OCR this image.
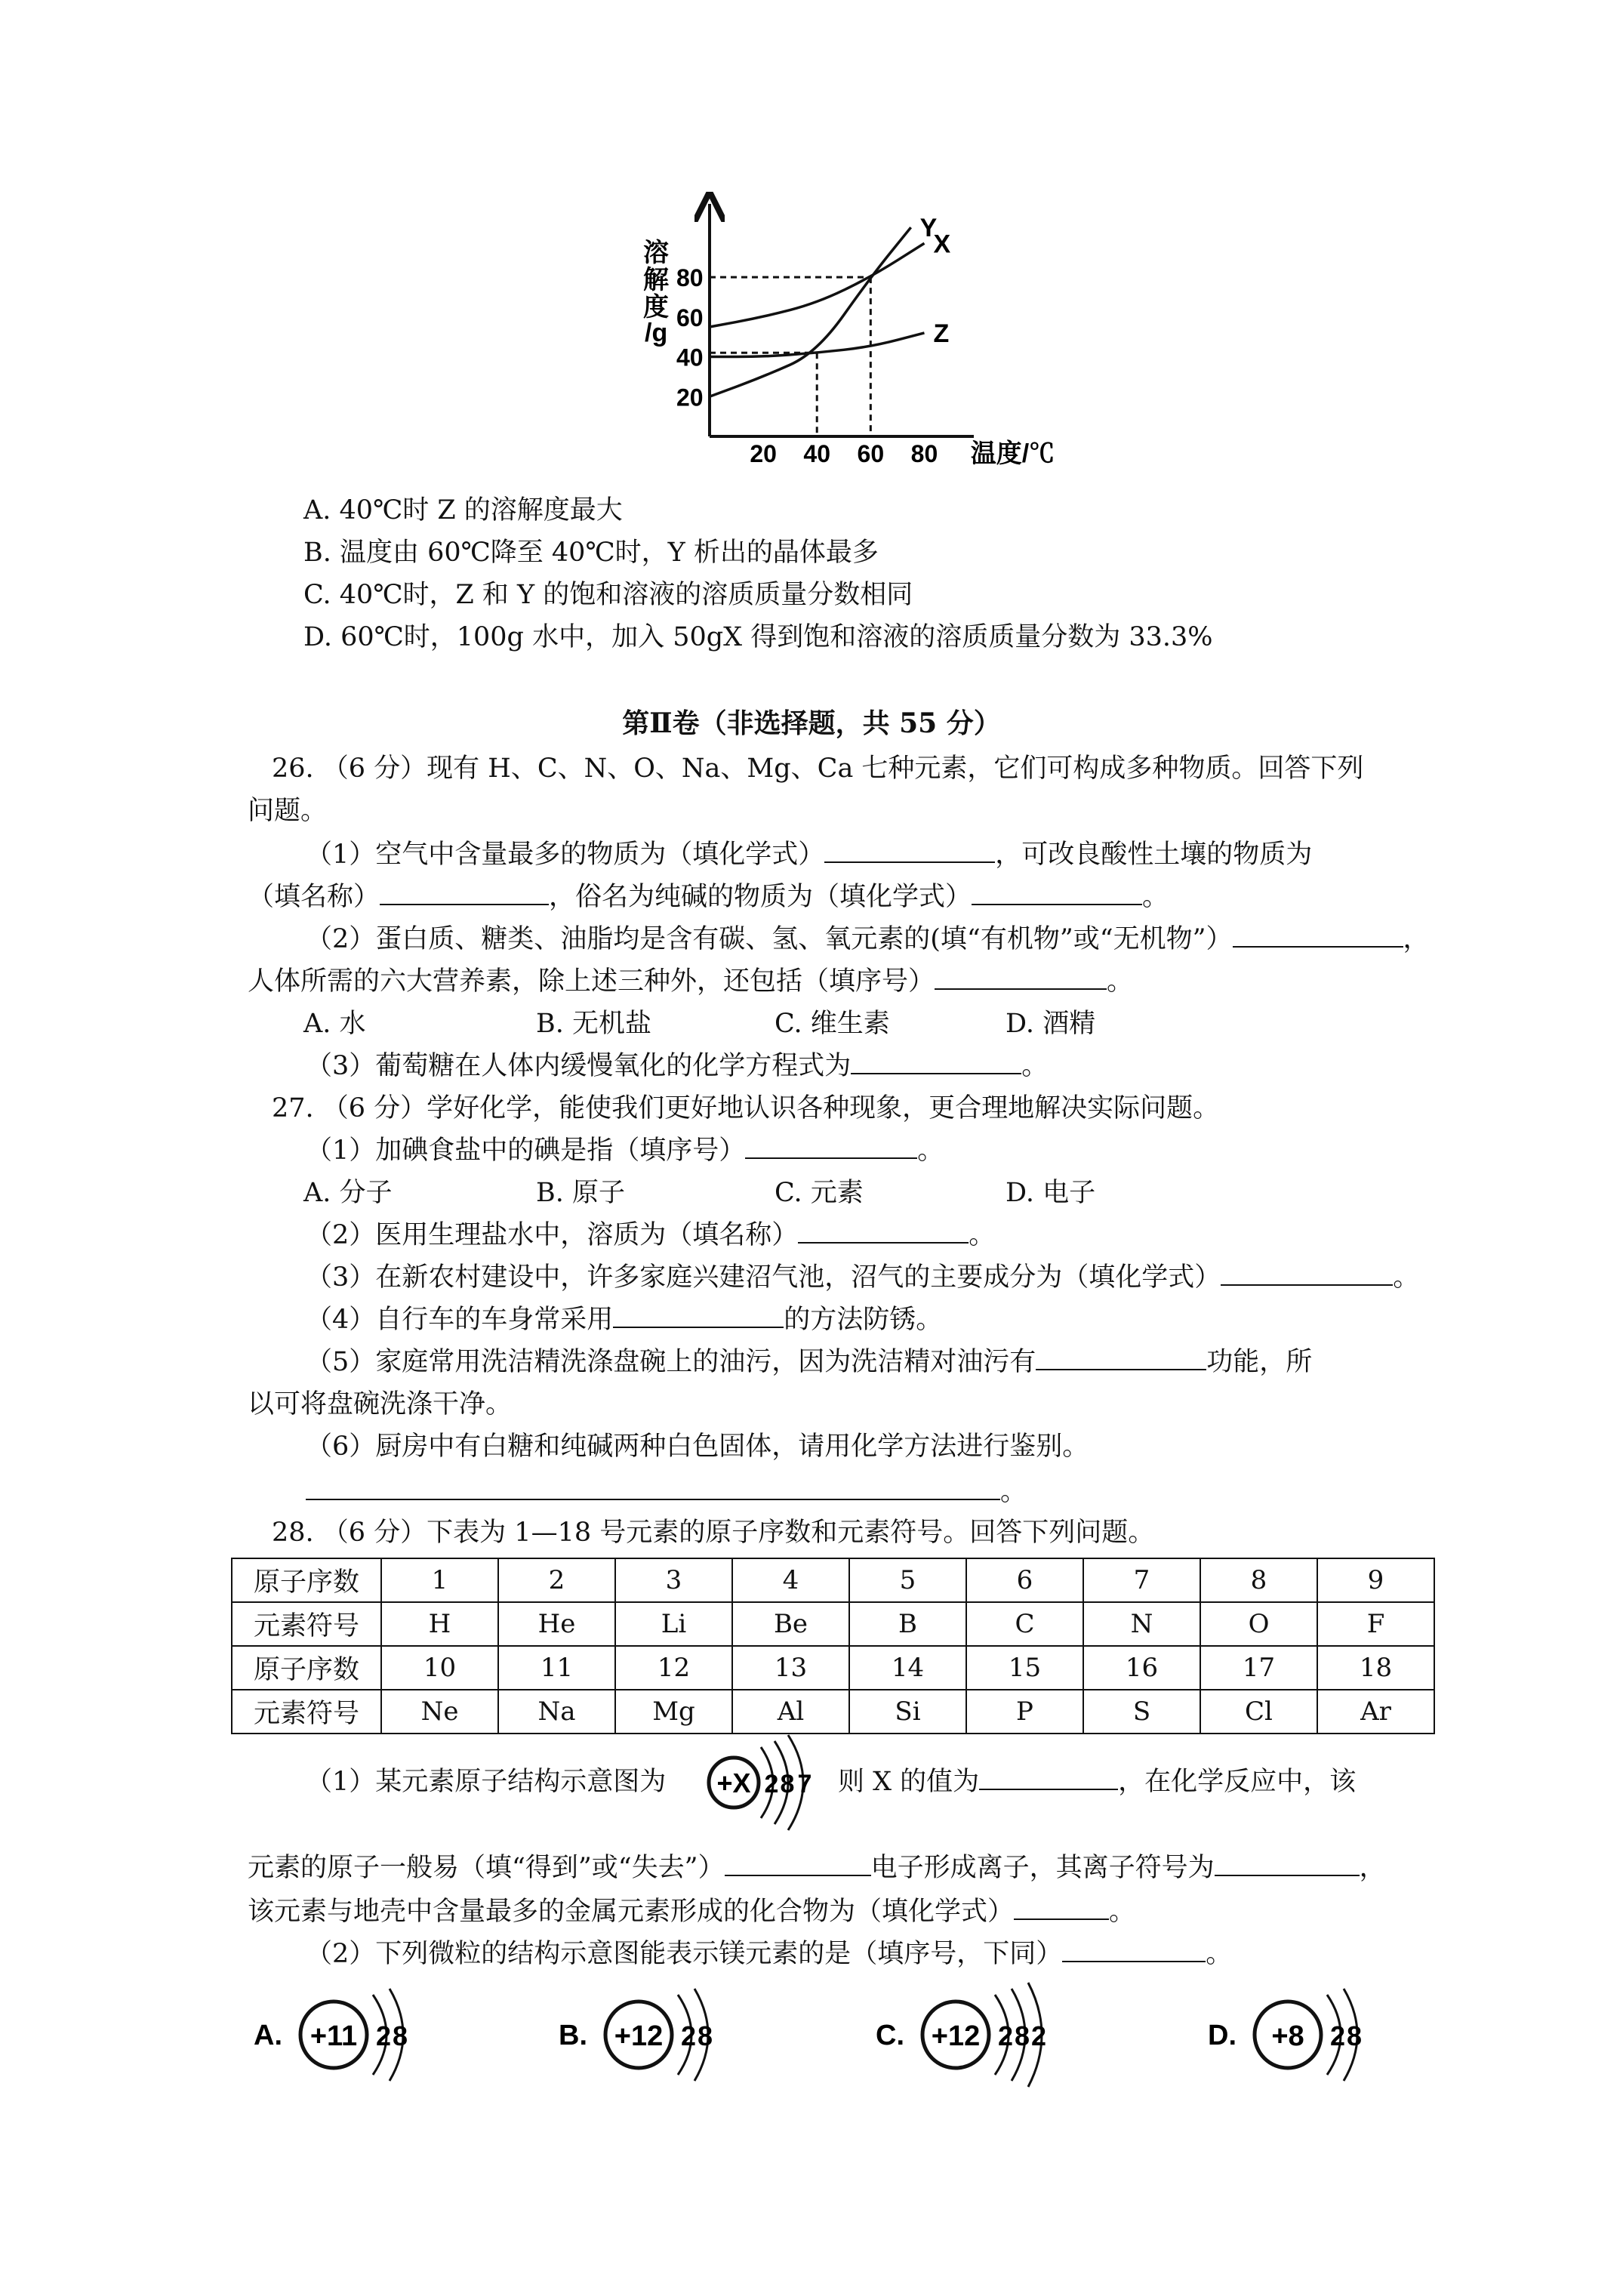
20
40
60
80
20 40 60 80 温度/℃
Y
X
Z
溶
解
度
/g
A. 40℃时 Z 的溶解度最大
B. 温度由 60℃降至 40℃时，Y 析出的晶体最多
C. 40℃时，Z 和 Y 的饱和溶液的溶质质量分数相同
D. 60℃时，100g 水中，加入 50gX 得到饱和溶液的溶质质量分数为 33.3%
第Ⅱ卷（非选择题，共 55 分）
26. （6 分）现有 H、C、N、O、Na、Mg、Ca 七种元素，它们可构成多种物质。回答下列
问题。
（1）空气中含量最多的物质为（填化学式）	，可改良酸性土壤的物质为
（填名称）	，俗名为纯碱的物质为（填化学式）	。
（2）蛋白质、糖类、油脂均是含有碳、氢、氧元素的(填“有机物”或“无机物”）	，
人体所需的六大营养素，除上述三种外，还包括（填序号）	。
A. 水	B. 无机盐	C. 维生素	D. 酒精
（3）葡萄糖在人体内缓慢氧化的化学方程式为	。
27. （6 分）学好化学，能使我们更好地认识各种现象，更合理地解决实际问题。
（1）加碘食盐中的碘是指（填序号）	。
A. 分子	B. 原子	C. 元素	D. 电子
（2）医用生理盐水中，溶质为（填名称）	。
（3）在新农村建设中，许多家庭兴建沼气池，沼气的主要成分为（填化学式）	。
（4）自行车的车身常采用	的方法防锈。
（5）家庭常用洗洁精洗涤盘碗上的油污，因为洗洁精对油污有	功能，所
以可将盘碗洗涤干净。
（6）厨房中有白糖和纯碱两种白色固体，请用化学方法进行鉴别。
。
28. （6 分）下表为 1—18 号元素的原子序数和元素符号。回答下列问题。
原子序数	1	2	3	4	5	6	7	8	9
元素符号	H	He	Li	Be	B	C	N	O	F
原子序数	10	11	12	13	14	15	16	17	18
元素符号	Ne	Na	Mg	Al	Si	P	S	Cl	Ar
（1）某元素原子结构示意图为 +X 2 8 7 则 X 的值为	，在化学反应中，该
元素的原子一般易（填“得到”或“失去”）	电子形成离子，其离子符号为	，
该元素与地壳中含量最多的金属元素形成的化合物为（填化学式）	。
（2）下列微粒的结构示意图能表示镁元素的是（填序号，下同）	。
A. +11 2 8	B. +12 2 8	C. +12 2 8 2	D. +8 2 8
